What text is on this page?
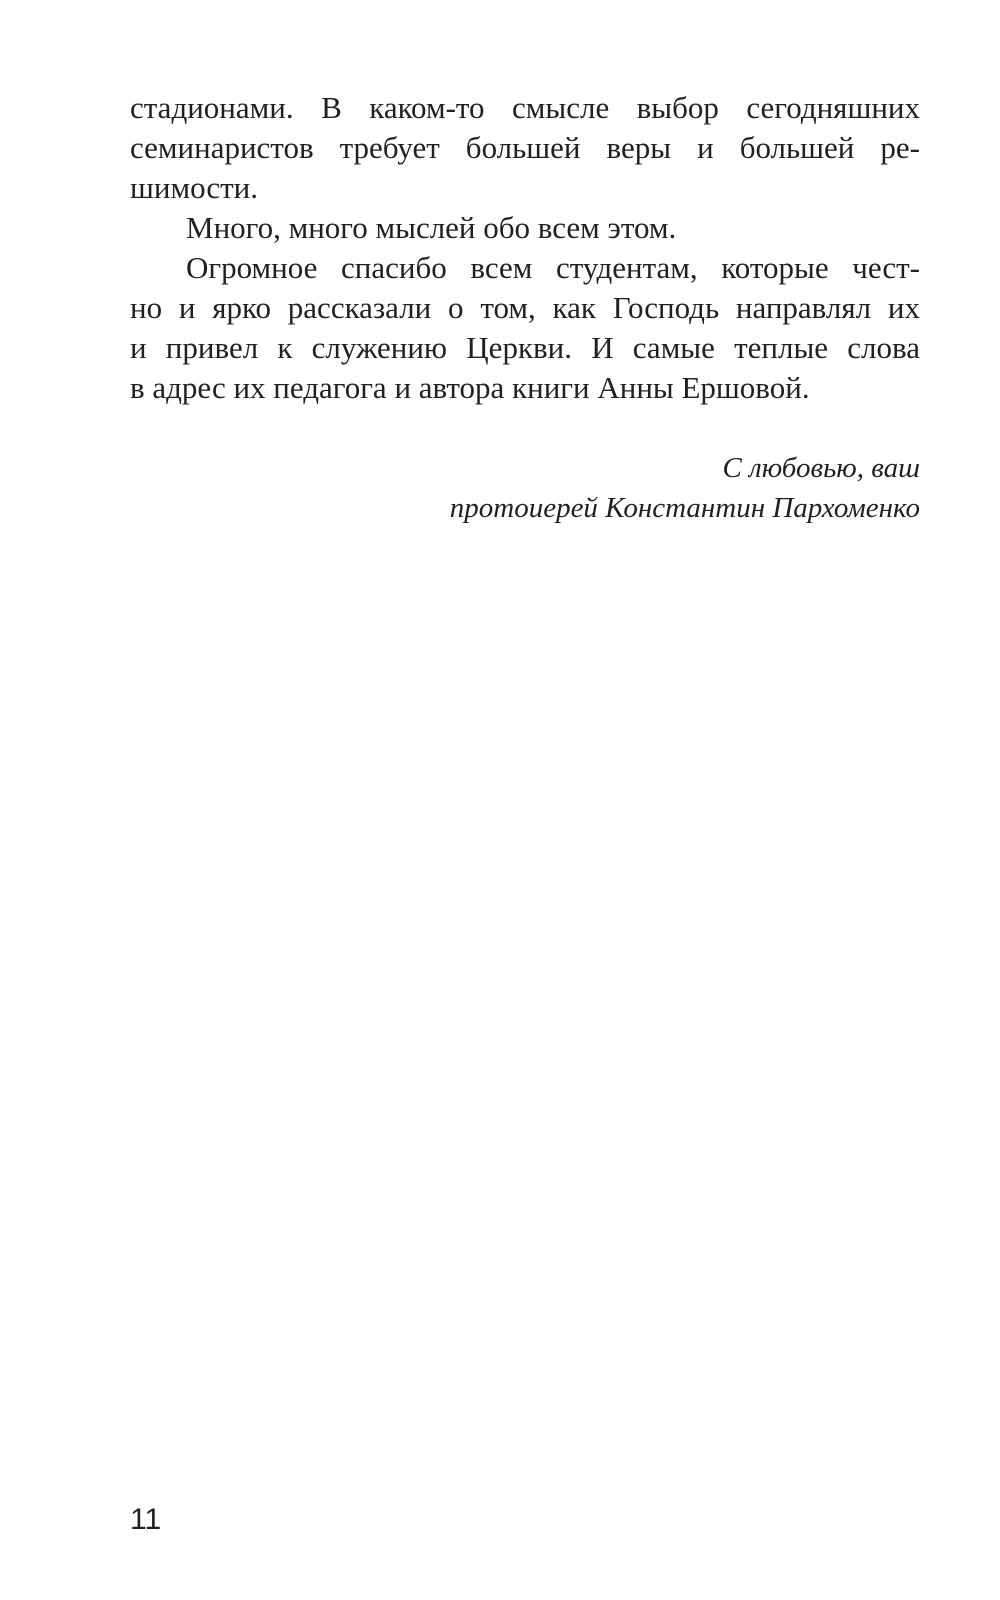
стадионами. В каком-то смысле выбор сегодняшних
семинаристов требует большей веры и большей ре-
шимости.
Много, много мыслей обо всем этом.
Огромное спасибо всем студентам, которые чест-
но и ярко рассказали о том, как Господь направлял их
и привел к служению Церкви. И самые теплые слова
в адрес их педагога и автора книги Анны Ершовой.
С любовью, ваш
протоиерей Константин Пархоменко
11
